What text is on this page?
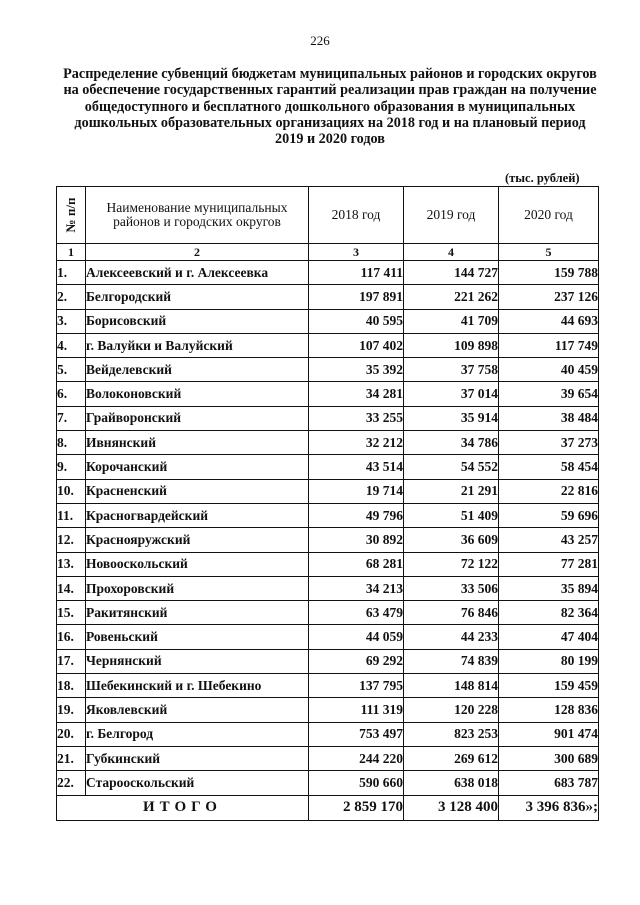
226
Распределение субвенций бюджетам муниципальных районов и городских округов на обеспечение государственных гарантий реализации прав граждан на получение общедоступного и бесплатного дошкольного образования в муниципальных дошкольных образовательных организациях на 2018 год и на плановый период 2019 и 2020 годов
(тыс. рублей)
№ п/п	Наименование муниципальных районов и городских округов	2018 год	2019 год	2020 год
1	2	3	4	5
1.	Алексеевский и г. Алексеевка	117 411	144 727	159 788
2.	Белгородский	197 891	221 262	237 126
3.	Борисовский	40 595	41 709	44 693
4.	г. Валуйки и Валуйский	107 402	109 898	117 749
5.	Вейделевский	35 392	37 758	40 459
6.	Волоконовский	34 281	37 014	39 654
7.	Грайворонский	33 255	35 914	38 484
8.	Ивнянский	32 212	34 786	37 273
9.	Корочанский	43 514	54 552	58 454
10.	Красненский	19 714	21 291	22 816
11.	Красногвардейский	49 796	51 409	59 696
12.	Краснояружский	30 892	36 609	43 257
13.	Новооскольский	68 281	72 122	77 281
14.	Прохоровский	34 213	33 506	35 894
15.	Ракитянский	63 479	76 846	82 364
16.	Ровеньский	44 059	44 233	47 404
17.	Чернянский	69 292	74 839	80 199
18.	Шебекинский и г. Шебекино	137 795	148 814	159 459
19.	Яковлевский	111 319	120 228	128 836
20.	г. Белгород	753 497	823 253	901 474
21.	Губкинский	244 220	269 612	300 689
22.	Старооскольский	590 660	638 018	683 787
ИТОГО		2 859 170	3 128 400	3 396 836»;
